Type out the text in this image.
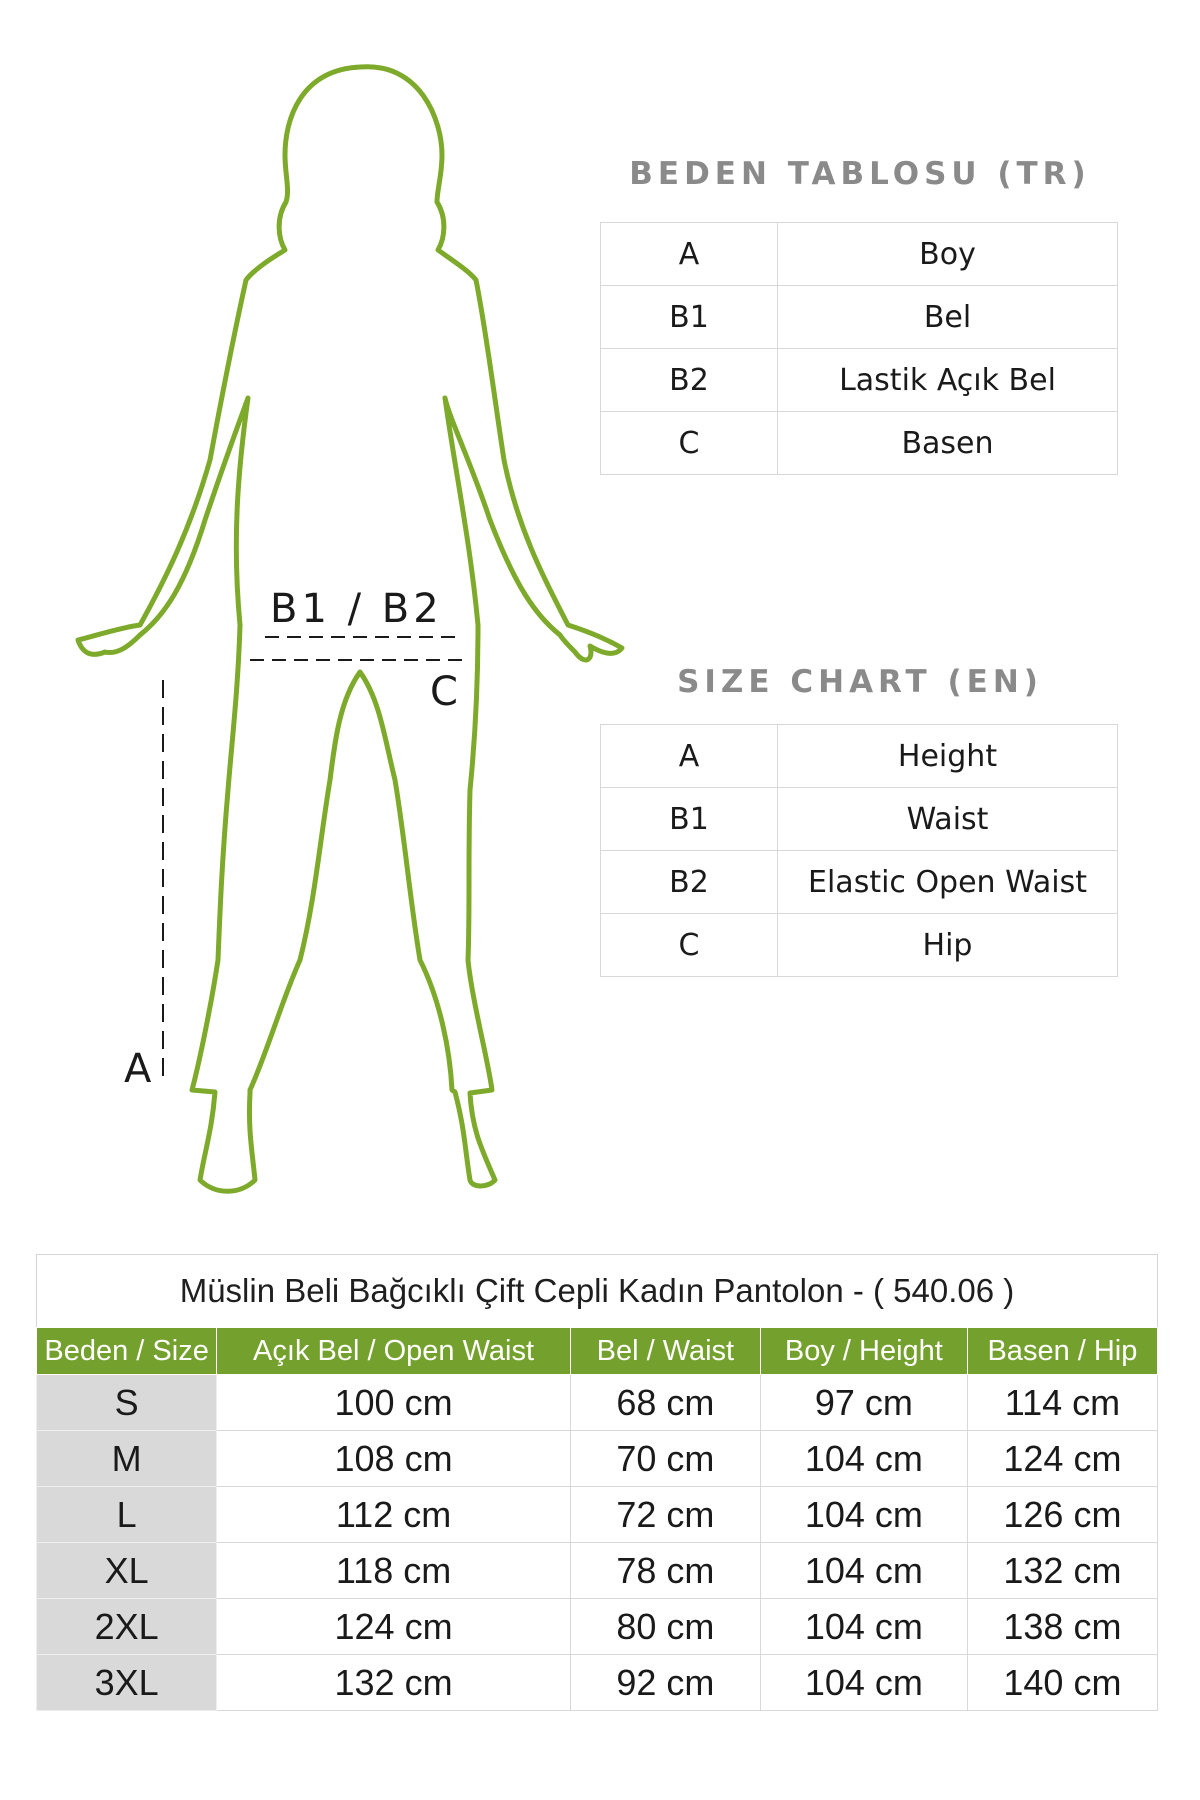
B1 / B2
C
A
BEDEN TABLOSU (TR)
A	Boy
B1	Bel
B2	Lastik Açık Bel
C	Basen
SIZE CHART (EN)
A	Height
B1	Waist
B2	Elastic Open Waist
C	Hip
Müslin Beli Bağcıklı Çift Cepli Kadın Pantolon - ( 540.06 )
Beden / Size	Açık Bel / Open Waist	Bel / Waist	Boy / Height	Basen / Hip
S	100 cm	68 cm	97 cm	114 cm
M	108 cm	70 cm	104 cm	124 cm
L	112 cm	72 cm	104 cm	126 cm
XL	118 cm	78 cm	104 cm	132 cm
2XL	124 cm	80 cm	104 cm	138 cm
3XL	132 cm	92 cm	104 cm	140 cm
